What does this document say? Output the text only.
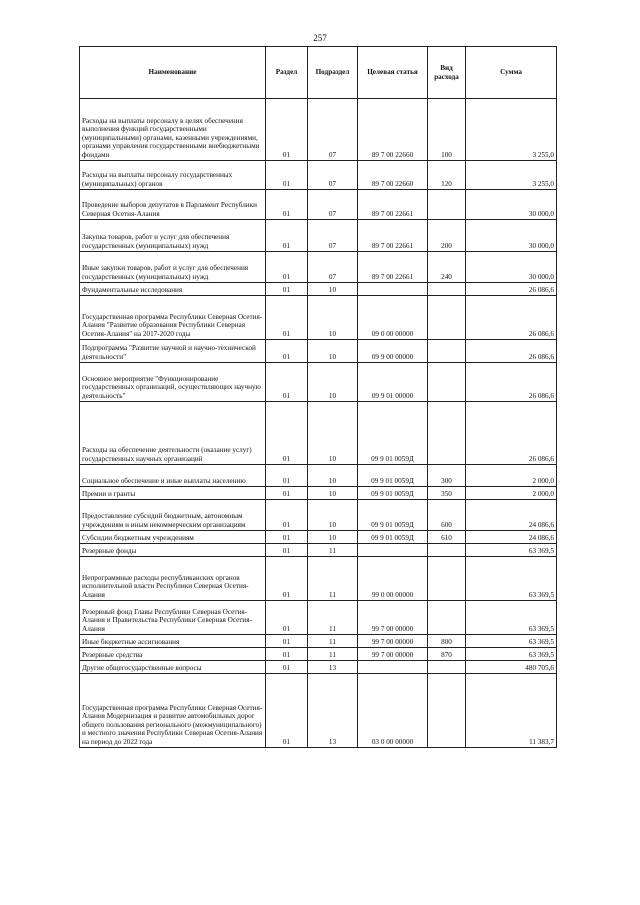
257
Наименование	Раздел	Подраздел	Целевая статья	Вид расхода	Сумма
Расходы на выплаты персоналу в целях обеспечения выполнения функций государственными (муниципальными) органами, казенными учреждениями, органами управления государственными внебюджетными фондами	01	07	89 7 00 22660	100	3 255,0
Расходы на выплаты персоналу государственных (муниципальных) органов	01	07	89 7 00 22660	120	3 255,0
Проведение выборов депутатов в Парламент Республики Северная Осетия-Алания	01	07	89 7 00 22661		30 000,0
Закупка товаров, работ и услуг для обеспечения государственных (муниципальных) нужд	01	07	89 7 00 22661	200	30 000,0
Иные закупки товаров, работ и услуг для обеспечения государственных (муниципальных) нужд	01	07	89 7 00 22661	240	30 000,0
Фундаментальные исследования	01	10			26 086,6
Государственная программа Республики Северная Осетия-Алания "Развитие образования Республики Северная Осетия-Алания" на 2017-2020 годы	01	10	09 0 00 00000		26 086,6
Подпрограмма "Развитие научной и научно-технической деятельности"	01	10	09 9 00 00000		26 086,6
Основное мероприятие "Функционирование государственных организаций, осуществляющих научную деятельность"	01	10	09 9 01 00000		26 086,6
Расходы на обеспечение деятельности (оказание услуг) государственных научных организаций	01	10	09 9 01 0059Д		26 086,6
Социальное обеспечение и иные выплаты населению	01	10	09 9 01 0059Д	300	2 000,0
Премии и гранты	01	10	09 9 01 0059Д	350	2 000,0
Предоставление субсидий бюджетным, автономным учреждениям и иным некоммерческим организациям	01	10	09 9 01 0059Д	600	24 086,6
Субсидии бюджетным учреждениям	01	10	09 9 01 0059Д	610	24 086,6
Резервные фонды	01	11			63 369,5
Непрограммные расходы республиканских органов исполнительной власти Республики Северная Осетия-Алания	01	11	99 0 00 00000		63 369,5
Резервный фонд Главы Республики Северная Осетия-Алания и Правительства Республики Северная Осетия-Алания	01	11	99 7 00 00000		63 369,5
Иные бюджетные ассигнования	01	11	99 7 00 00000	800	63 369,5
Резервные средства	01	11	99 7 00 00000	870	63 369,5
Другие общегосударственные вопросы	01	13			480 705,6
Государственная программа Республики Северная Осетия-Алания Модернизация и развитие автомобильных дорог общего пользования регионального (межмуниципального) и местного значения Республики Северная Осетия-Алания на период до 2022 года	01	13	03 0 00 00000		11 383,7
